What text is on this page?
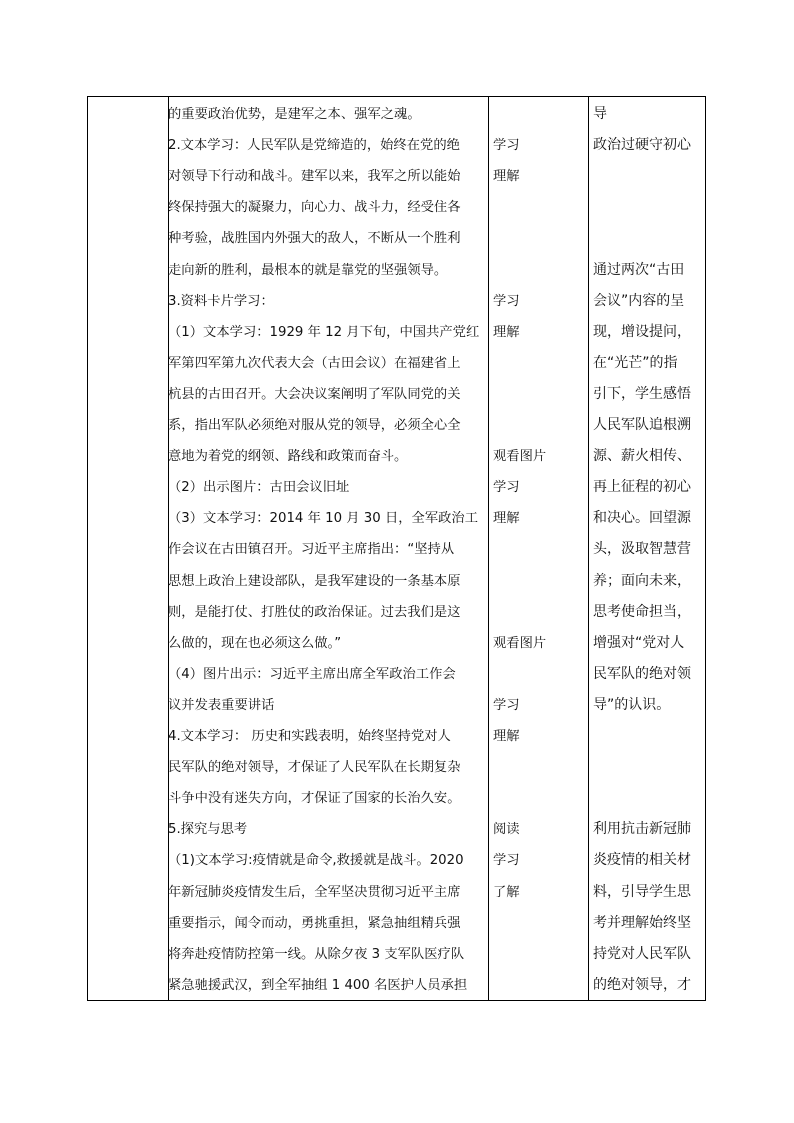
的重要政治优势，是建军之本、强军之魂。
2.文本学习：人民军队是党缔造的，始终在党的绝
对领导下行动和战斗。建军以来，我军之所以能始
终保持强大的凝聚力，向心力、战斗力，经受住各
种考验，战胜国内外强大的敌人，不断从一个胜利
走向新的胜利，最根本的就是靠党的坚强领导。
3.资料卡片学习：
（1）文本学习：1929 年 12 月下旬，中国共产党红
军第四军第九次代表大会（古田会议）在福建省上
杭县的古田召开。大会决议案阐明了军队同党的关
系，指出军队必须绝对服从党的领导，必须全心全
意地为着党的纲领、路线和政策而奋斗。
（2）出示图片：古田会议旧址
（3）文本学习：2014 年 10 月 30 日，全军政治工
作会议在古田镇召开。习近平主席指出：“坚持从
思想上政治上建设部队，是我军建设的一条基本原
则，是能打仗、打胜仗的政治保证。过去我们是这
么做的，现在也必须这么做。”
（4）图片出示：习近平主席出席全军政治工作会
议并发表重要讲话
4.文本学习： 历史和实践表明，始终坚持党对人
民军队的绝对领导，才保证了人民军队在长期复杂
斗争中没有迷失方向，才保证了国家的长治久安。
5.探究与思考
（1)文本学习:疫情就是命令,救援就是战斗。2020
年新冠肺炎疫情发生后，全军坚决贯彻习近平主席
重要指示，闻令而动，勇挑重担，紧急抽组精兵强
将奔赴疫情防控第一线。从除夕夜 3 支军队医疗队
紧急驰援武汉，到全军抽组 1 400 名医护人员承担
学习
理解
学习
理解
观看图片
学习
理解
观看图片
学习
理解
阅读
学习
了解
导
政治过硬守初心
通过两次“古田
会议”内容的呈
现，增设提问，
在“光芒”的指
引下，学生感悟
人民军队追根溯
源、薪火相传、
再上征程的初心
和决心。回望源
头，汲取智慧营
养；面向未来，
思考使命担当，
增强对“党对人
民军队的绝对领
导”的认识。
利用抗击新冠肺
炎疫情的相关材
料，引导学生思
考并理解始终坚
持党对人民军队
的绝对领导，才
